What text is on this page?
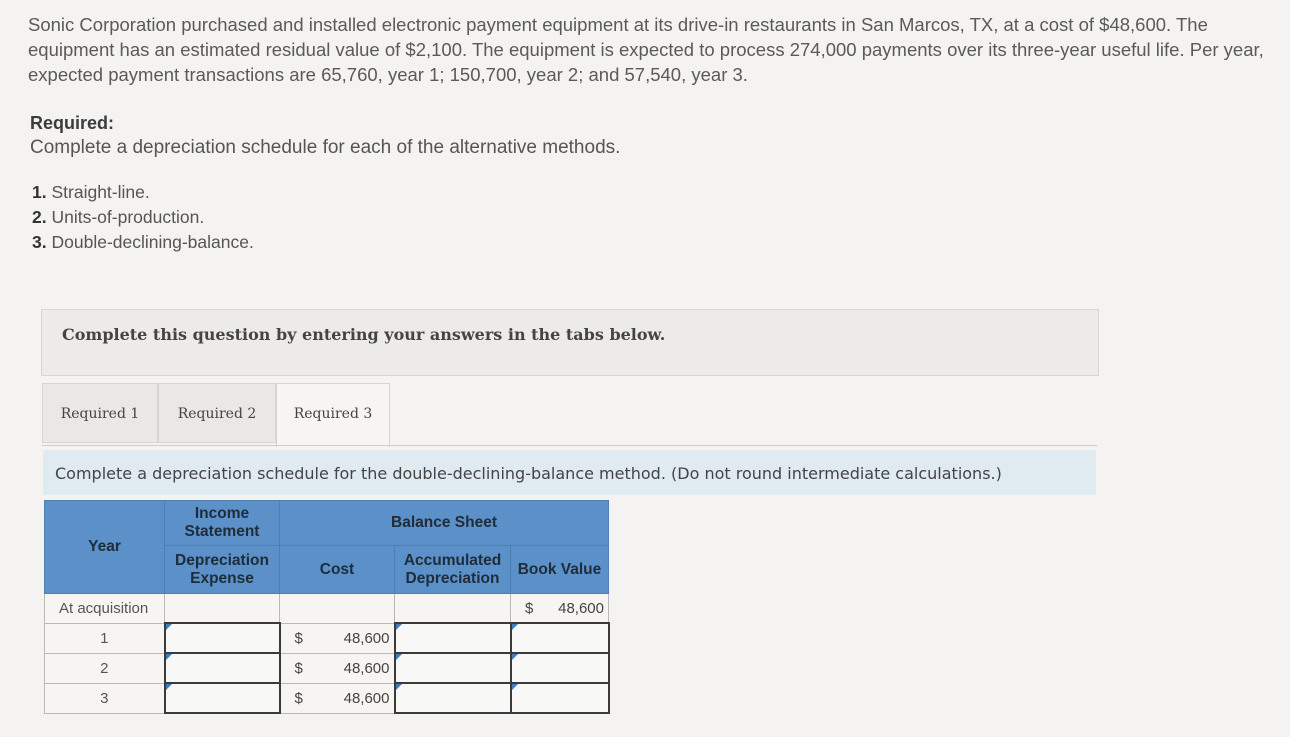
Sonic Corporation purchased and installed electronic payment equipment at its drive-in restaurants in San Marcos, TX, at a cost of $48,600. The equipment has an estimated residual value of $2,100. The equipment is expected to process 274,000 payments over its three-year useful life. Per year, expected payment transactions are 65,760, year 1; 150,700, year 2; and 57,540, year 3.
Required:
Complete a depreciation schedule for each of the alternative methods.
1. Straight-line.
2. Units-of-production.
3. Double-declining-balance.
Complete this question by entering your answers in the tabs below.
Required 1	Required 2	Required 3
Complete a depreciation schedule for the double-declining-balance method. (Do not round intermediate calculations.)
Year	Income Statement	Balance Sheet		
	Depreciation Expense	Cost	Accumulated Depreciation	Book Value
At acquisition				$ 48,600

1		$ 48,600		

2		$ 48,600		

3		$ 48,600		
